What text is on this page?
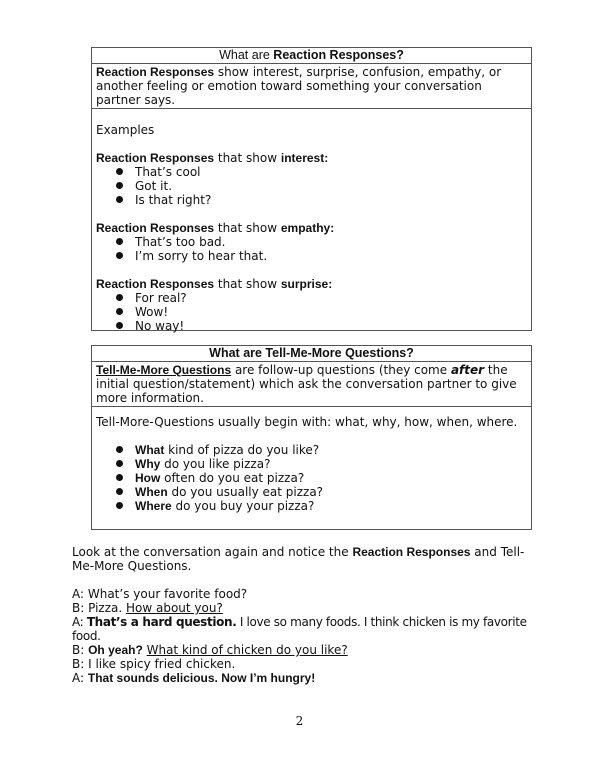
What are Reaction Responses?
Reaction Responses show interest, surprise, confusion, empathy, or another feeling or emotion toward something your conversation partner says.

Examples

Reaction Responses that show interest:

That’s cool
Got it.
Is that right?

Reaction Responses that show empathy:

That’s too bad.
I’m sorry to hear that.

Reaction Responses that show surprise:

For real?
Wow!
No way!
What are Tell-Me-More Questions?
Tell-Me-More Questions are follow-up questions (they come after the initial question/statement) which ask the conversation partner to give more information.

Tell-More-Questions usually begin with: what, why, how, when, where.

What kind of pizza do you like?
Why do you like pizza?
How often do you eat pizza?
When do you usually eat pizza?
Where do you buy your pizza?
Look at the conversation again and notice the Reaction Responses and Tell-Me-More Questions.
A: What’s your favorite food?
B: Pizza. How about you?
A: That’s a hard question. I love so many foods. I think chicken is my favorite food.
B: Oh yeah? What kind of chicken do you like?
B: I like spicy fried chicken.
A: That sounds delicious. Now I’m hungry!
2
